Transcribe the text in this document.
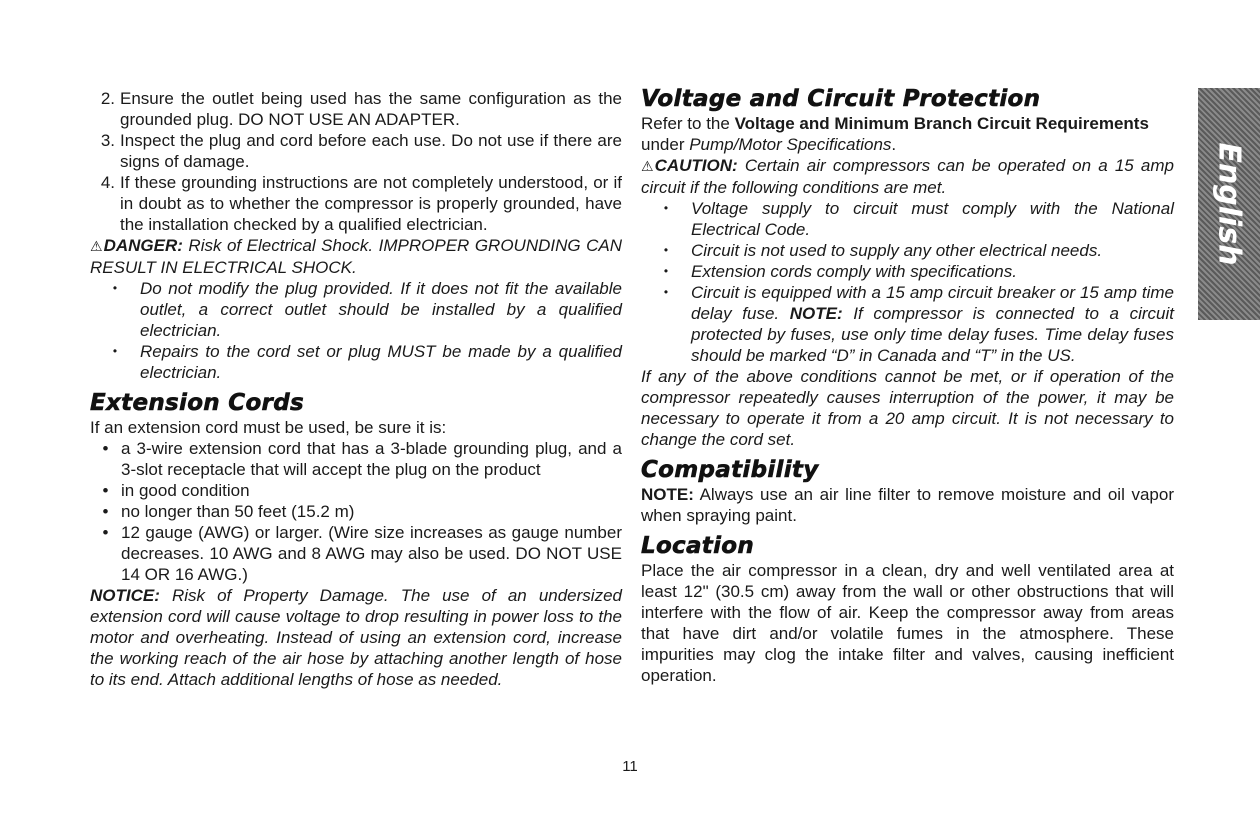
2. Ensure the outlet being used has the same configuration as the grounded plug. DO NOT USE AN ADAPTER.
3. Inspect the plug and cord before each use. Do not use if there are signs of damage.
4. If these grounding instructions are not completely understood, or if in doubt as to whether the compressor is properly grounded, have the installation checked by a qualified electrician.

⚠DANGER: Risk of Electrical Shock. IMPROPER GROUNDING CAN RESULT IN ELECTRICAL SHOCK.

•	Do not modify the plug provided. If it does not fit the available outlet, a correct outlet should be installed by a qualified electrician.
•	Repairs to the cord set or plug MUST be made by a qualified electrician.
Extension Cords

If an extension cord must be used, be sure it is:

• a 3-wire extension cord that has a 3-blade grounding plug, and a 3-slot receptacle that will accept the plug on the product
• in good condition
• no longer than 50 feet (15.2 m)
• 12 gauge (AWG) or larger. (Wire size increases as gauge number decreases. 10 AWG and 8 AWG may also be used. DO NOT USE 14 OR 16 AWG.)

NOTICE: Risk of Property Damage. The use of an undersized extension cord will cause voltage to drop resulting in power loss to the motor and overheating. Instead of using an extension cord, increase the working reach of the air hose by attaching another length of hose to its end. Attach additional lengths of hose as needed.

Voltage and Circuit Protection

Refer to the Voltage and Minimum Branch Circuit Requirements under Pump/Motor Specifications.

⚠CAUTION: Certain air compressors can be operated on a 15 amp circuit if the following conditions are met.

•	Voltage supply to circuit must comply with the National Electrical Code.
•	Circuit is not used to supply any other electrical needs.
•	Extension cords comply with specifications.
•	Circuit is equipped with a 15 amp circuit breaker or 15 amp time delay fuse. NOTE: If compressor is connected to a circuit protected by fuses, use only time delay fuses. Time delay fuses should be marked “D” in Canada and “T” in the US.

If any of the above conditions cannot be met, or if operation of the compressor repeatedly causes interruption of the power, it may be necessary to operate it from a 20 amp circuit. It is not necessary to change the cord set.

Compatibility

NOTE: Always use an air line filter to remove moisture and oil vapor when spraying paint.

Location

Place the air compressor in a clean, dry and well ventilated area at least 12" (30.5 cm) away from the wall or other obstructions that will interfere with the flow of air. Keep the compressor away from areas that have dirt and/or volatile fumes in the atmosphere. These impurities may clog the intake filter and valves, causing inefficient operation.

English
11
